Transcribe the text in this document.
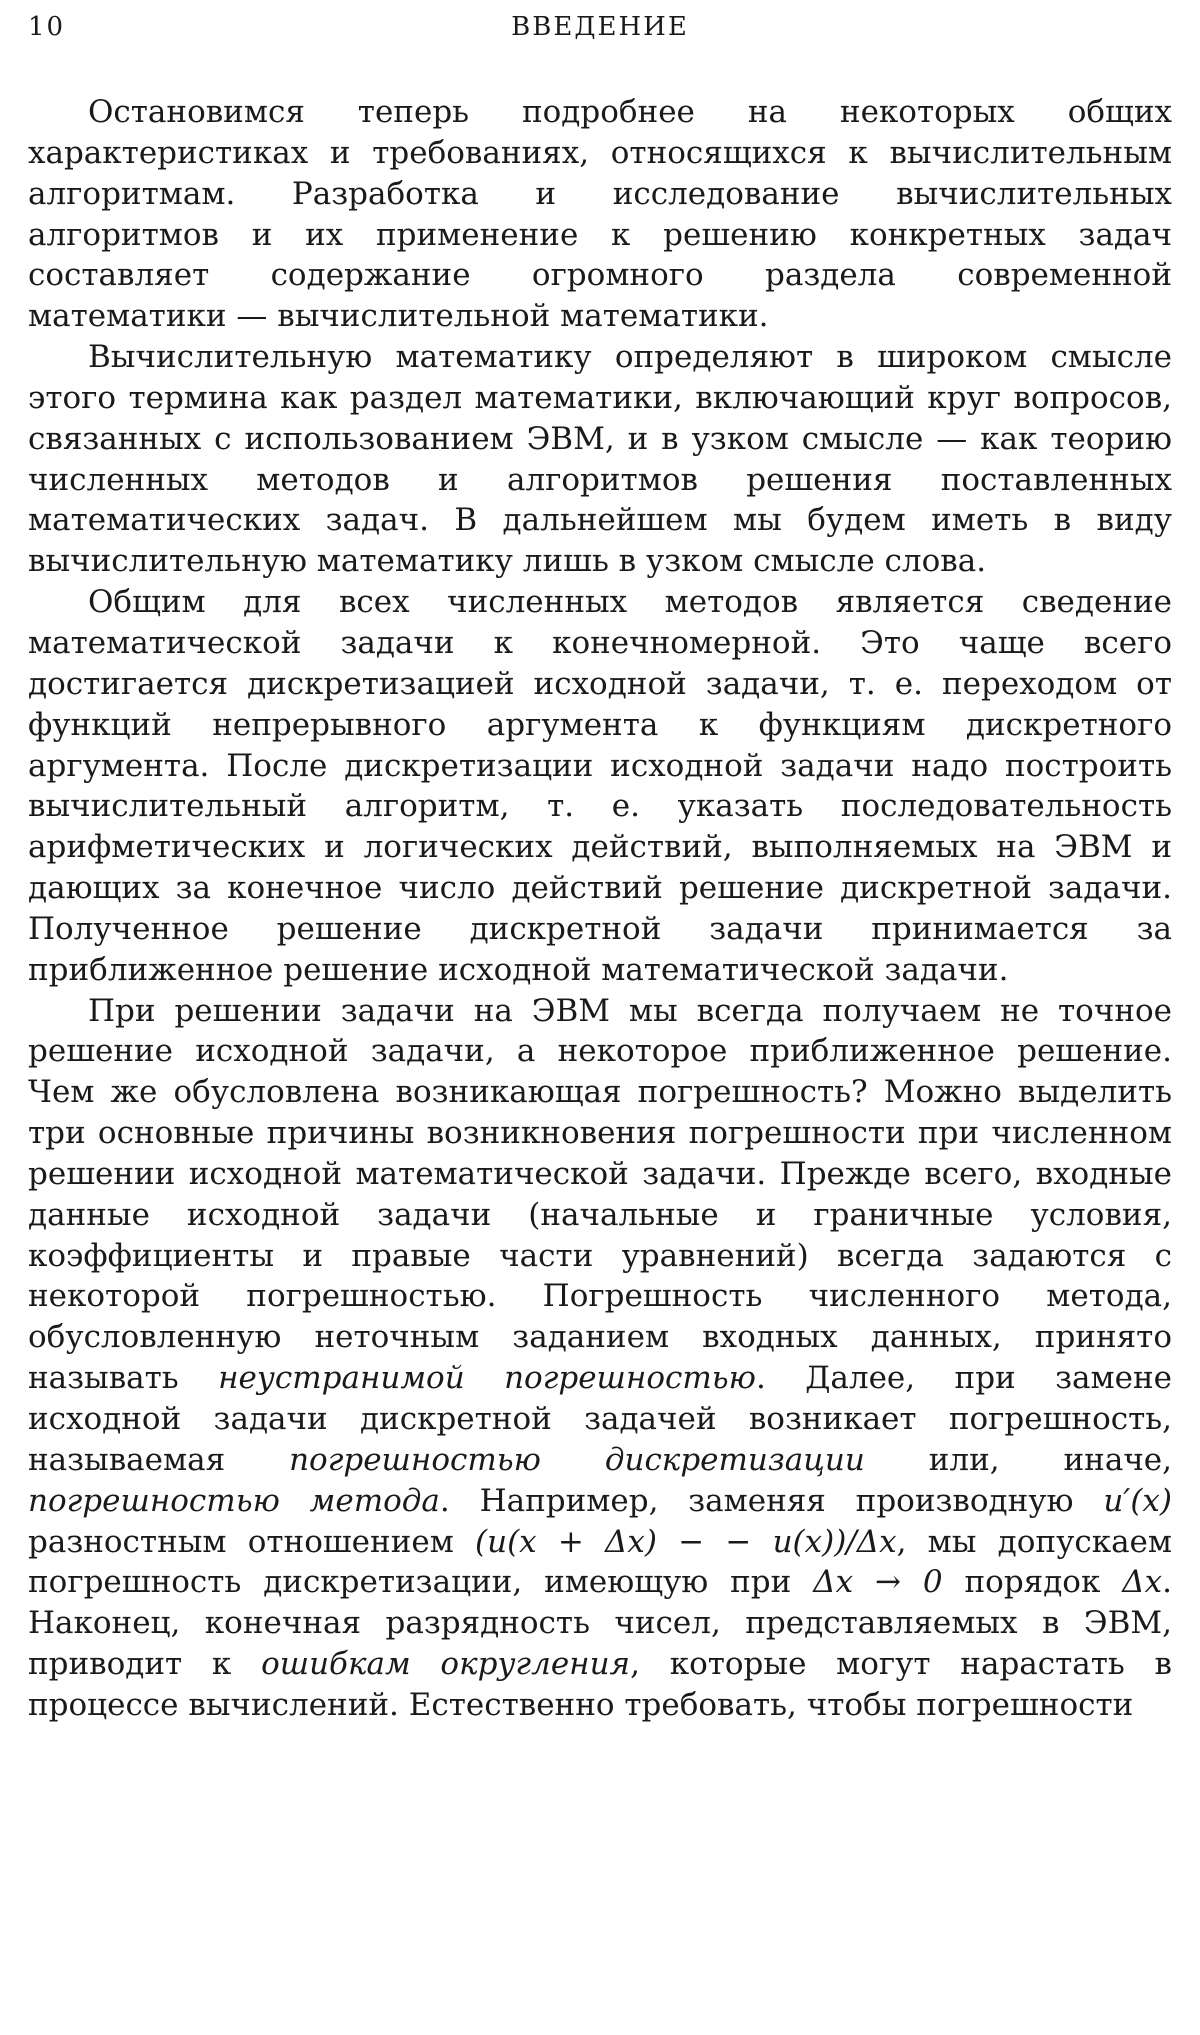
10	ВВЕДЕНИЕ

Остановимся теперь подробнее на некоторых общих характеристиках и требованиях, относящихся к вычислительным алгоритмам. Разработка и исследование вычислительных алгоритмов и их применение к решению конкретных задач составляет содержание огромного раздела современной математики — вычислительной математики.

Вычислительную математику определяют в широком смысле этого термина как раздел математики, включающий круг вопросов, связанных с использованием ЭВМ, и в узком смысле — как теорию численных методов и алгоритмов решения поставленных математических задач. В дальнейшем мы будем иметь в виду вычислительную математику лишь в узком смысле слова.

Общим для всех численных методов является сведение математической задачи к конечномерной. Это чаще всего достигается дискретизацией исходной задачи, т. е. переходом от функций непрерывного аргумента к функциям дискретного аргумента. После дискретизации исходной задачи надо построить вычислительный алгоритм, т. е. указать последовательность арифметических и логических действий, выполняемых на ЭВМ и дающих за конечное число действий решение дискретной задачи. Полученное решение дискретной задачи принимается за приближенное решение исходной математической задачи.

При решении задачи на ЭВМ мы всегда получаем не точное решение исходной задачи, а некоторое приближенное решение. Чем же обусловлена возникающая погрешность? Можно выделить три основные причины возникновения погрешности при численном решении исходной математической задачи. Прежде всего, входные данные исходной задачи (начальные и граничные условия, коэффициенты и правые части уравнений) всегда задаются с некоторой погрешностью. Погрешность численного метода, обусловленную неточным заданием входных данных, принято называть неустранимой погрешностью. Далее, при замене исходной задачи дискретной задачей возникает погрешность, называемая погрешностью дискретизации или, иначе, погрешностью метода. Например, заменяя производную u′(x) разностным отношением (u(x + Δx) − − u(x))/Δx, мы допускаем погрешность дискретизации, имеющую при Δx → 0 порядок Δx. Наконец, конечная разрядность чисел, представляемых в ЭВМ, приводит к ошибкам округления, которые могут нарастать в процессе вычислений. Естественно требовать, чтобы погрешности
